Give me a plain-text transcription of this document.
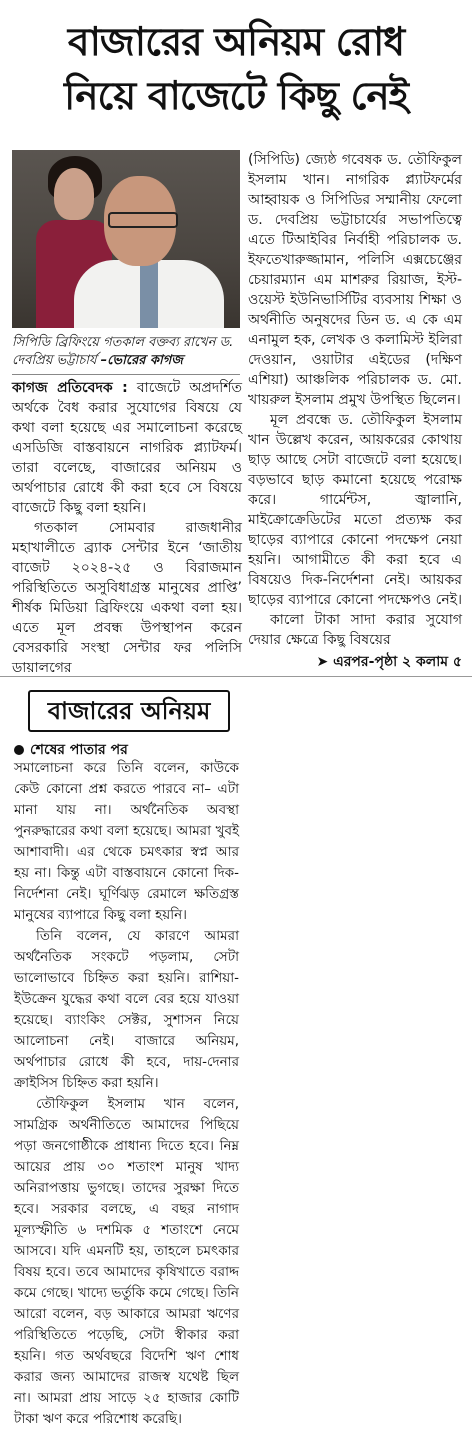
বাজারের অনিয়ম রোধ
নিয়ে বাজেটে কিছু নেই
সিপিডি ব্রিফিংয়ে গতকাল বক্তব্য রাখেন ড. দেবপ্রিয় ভট্টাচার্য –ভোরের কাগজ

কাগজ প্রতিবেদক : বাজেটে অপ্রদর্শিত অর্থকে বৈধ করার সুযোগের বিষয়ে যে কথা বলা হয়েছে এর সমালোচনা করেছে এসডিজি বাস্তবায়নে নাগরিক প্ল্যাটফর্ম। তারা বলেছে, বাজারের অনিয়ম ও অর্থপাচার রোধে কী করা হবে সে বিষয়ে বাজেটে কিছু বলা হয়নি।

গতকাল সোমবার রাজধানীর মহাখালীতে ব্র্যাক সেন্টার ইনে ‘জাতীয় বাজেট ২০২৪-২৫ ও বিরাজমান পরিস্থিতিতে অসুবিধাগ্রস্ত মানুষের প্রাপ্তি’ শীর্ষক মিডিয়া ব্রিফিংয়ে একথা বলা হয়। এতে মূল প্রবন্ধ উপস্থাপন করেন বেসরকারি সংস্থা সেন্টার ফর পলিসি ডায়ালগের

(সিপিডি) জ্যেষ্ঠ গবেষক ড. তৌফিকুল ইসলাম খান। নাগরিক প্ল্যাটফর্মের আহ্বায়ক ও সিপিডির সম্মানীয় ফেলো ড. দেবপ্রিয় ভট্টাচার্যের সভাপতিত্বে এতে টিআইবির নির্বাহী পরিচালক ড. ইফতেখারুজ্জামান, পলিসি এক্সচেঞ্জের চেয়ারম্যান এম মাশরুর রিয়াজ, ইস্ট-ওয়েস্ট ইউনিভার্সিটির ব্যবসায় শিক্ষা ও অর্থনীতি অনুষদের ডিন ড. এ কে এম এনামুল হক, লেখক ও কলামিস্ট ইলিরা দেওয়ান, ওয়াটার এইডের (দক্ষিণ এশিয়া) আঞ্চলিক পরিচালক ড. মো. খায়রুল ইসলাম প্রমুখ উপস্থিত ছিলেন।

মূল প্রবন্ধে ড. তৌফিকুল ইসলাম খান উল্লেখ করেন, আয়করের কোথায় ছাড় আছে সেটা বাজেটে বলা হয়েছে। বড়ভাবে ছাড় কমানো হয়েছে পরোক্ষ করে। গার্মেন্টস, জ্বালানি, মাইক্রোক্রেডিটের মতো প্রত্যক্ষ কর ছাড়ের ব্যাপারে কোনো পদক্ষেপ নেয়া হয়নি। আগামীতে কী করা হবে এ বিষয়েও দিক-নির্দেশনা নেই। আয়কর ছাড়ের ব্যাপারে কোনো পদক্ষেপও নেই।

কালো টাকা সাদা করার সুযোগ দেয়ার ক্ষেত্রে কিছু বিষয়ের

➤ এরপর-পৃষ্ঠা ২ কলাম ৫
বাজারের অনিয়ম
শেষের পাতার পর

সমালোচনা করে তিনি বলেন, কাউকে কেউ কোনো প্রশ্ন করতে পারবে না– এটা মানা যায় না। অর্থনৈতিক অবস্থা পুনরুদ্ধারের কথা বলা হয়েছে। আমরা খুবই আশাবাদী। এর থেকে চমৎকার স্বপ্ন আর হয় না। কিন্তু এটা বাস্তবায়নে কোনো দিক-নির্দেশনা নেই। ঘূর্ণিঝড় রেমালে ক্ষতিগ্রস্ত মানুষের ব্যাপারে কিছু বলা হয়নি।

তিনি বলেন, যে কারণে আমরা অর্থনৈতিক সংকটে পড়লাম, সেটা ভালোভাবে চিহ্নিত করা হয়নি। রাশিয়া-ইউক্রেন যুদ্ধের কথা বলে বের হয়ে যাওয়া হয়েছে। ব্যাংকিং সেক্টর, সুশাসন নিয়ে আলোচনা নেই। বাজারে অনিয়ম, অর্থপাচার রোধে কী হবে, দায়-দেনার ক্রাইসিস চিহ্নিত করা হয়নি।

তৌফিকুল ইসলাম খান বলেন, সামগ্রিক অর্থনীতিতে আমাদের পিছিয়ে পড়া জনগোষ্ঠীকে প্রাধান্য দিতে হবে। নিম্ন আয়ের প্রায় ৩০ শতাংশ মানুষ খাদ্য অনিরাপত্তায় ভুগছে। তাদের সুরক্ষা দিতে হবে। সরকার বলছে, এ বছর নাগাদ মূল্যস্ফীতি ৬ দশমিক ৫ শতাংশে নেমে আসবে। যদি এমনটি হয়, তাহলে চমৎকার বিষয় হবে। তবে আমাদের কৃষিখাতে বরাদ্দ কমে গেছে। খাদ্যে ভর্তুকি কমে গেছে। তিনি আরো বলেন, বড় আকারে আমরা ঋণের পরিস্থিতিতে পড়েছি, সেটা স্বীকার করা হয়নি। গত অর্থবছরে বিদেশি ঋণ শোধ করার জন্য আমাদের রাজস্ব যথেষ্ট ছিল না। আমরা প্রায় সাড়ে ২৫ হাজার কোটি টাকা ঋণ করে পরিশোধ করেছি।
